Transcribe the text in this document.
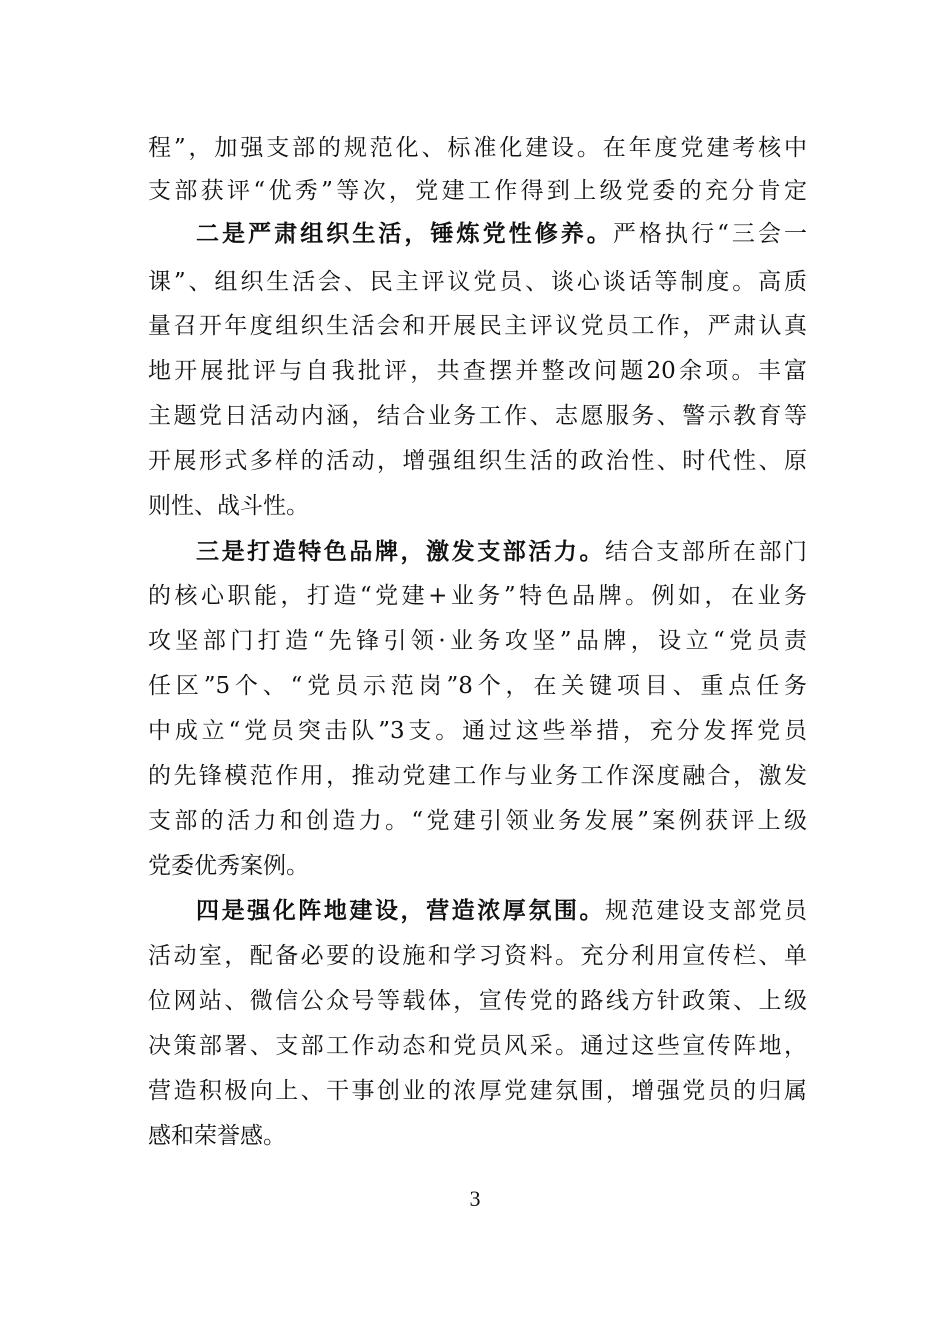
程”，加强支部的规范化、标准化建设。在年度党建考核中
支部获评“优秀”等次，党建工作得到上级党委的充分肯定
二是严肃组织生活，锤炼党性修养。严格执行“三会一
课”、组织生活会、民主评议党员、谈心谈话等制度。高质
量召开年度组织生活会和开展民主评议党员工作，严肃认真
地开展批评与自我批评，共查摆并整改问题20余项。丰富
主题党日活动内涵，结合业务工作、志愿服务、警示教育等
开展形式多样的活动，增强组织生活的政治性、时代性、原
则性、战斗性。
三是打造特色品牌，激发支部活力。结合支部所在部门
的核心职能，打造“党建+业务”特色品牌。例如，在业务
攻坚部门打造“先锋引领·业务攻坚”品牌，设立“党员责
任区”5个、“党员示范岗”8个，在关键项目、重点任务
中成立“党员突击队”3支。通过这些举措，充分发挥党员
的先锋模范作用，推动党建工作与业务工作深度融合，激发
支部的活力和创造力。“党建引领业务发展”案例获评上级
党委优秀案例。
四是强化阵地建设，营造浓厚氛围。规范建设支部党员
活动室，配备必要的设施和学习资料。充分利用宣传栏、单
位网站、微信公众号等载体，宣传党的路线方针政策、上级
决策部署、支部工作动态和党员风采。通过这些宣传阵地，
营造积极向上、干事创业的浓厚党建氛围，增强党员的归属
感和荣誉感。
3
